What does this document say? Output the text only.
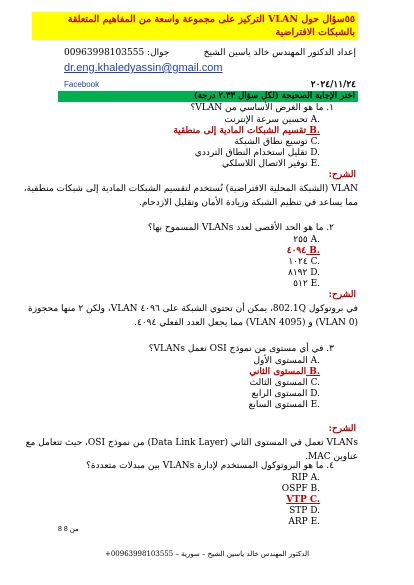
٥٥سؤال حول VLAN التركيز على مجموعة واسعة من المفاهيم المتعلقة بالشبكات الافتراضية
إعداد الدكتور المهندس خالد ياسين الشيخ
جوال: 00963998103555
dr.eng.khaledyassin@gmail.com
٢٠٢٤/١١/٢٤
Facebook
اختر الإجابة الصحيحة (لكل سؤال ٢.٣٣ درجة)
١. ما هو الغرض الأساسي من VLAN؟
تحسين سرعة الإنترنت A.
تقسيم الشبكات المادية إلى منطقية B.
توسيع نطاق الشبكة C.
تقليل استخدام النطاق الترددي D.
توفير الاتصال اللاسلكي E.
الشرح:
VLAN (الشبكة المحلية الافتراضية) تُستخدم لتقسيم الشبكات المادية إلى شبكات منطقية، مما يساعد في تنظيم الشبكة وزيادة الأمان وتقليل الازدحام.
٢. ما هو الحد الأقصى لعدد VLANs المسموح بها؟
٢٥٥ A.
٤٠٩٤ B.
١٠٢٤ C.
٨١٩٢ D.
٥١٢ E.
الشرح:
في بروتوكول 802.1Q، يمكن أن تحتوي الشبكة على ٤٠٩٦ VLAN، ولكن ٢ منها محجوزة (VLAN 0) و (VLAN 4095) مما يجعل العدد الفعلي ٤٠٩٤.
٣. في أي مستوى من نموذج OSI تعمل VLANs؟
المستوى الأول A.
المستوى الثاني B.
المستوى الثالث C.
المستوى الرابع D.
المستوى السابع E.
الشرح:
VLANs تعمل في المستوى الثاني (Data Link Layer) من نموذج OSI، حيث تتعامل مع عناوين MAC.
٤. ما هو البروتوكول المستخدم لإدارة VLANs بين مبدلات متعددة؟
RIP A.
OSPF B.
VTP C.
STP D.
ARP E.
8 من 8
الدكتور المهندس خالد ياسين الشيخ – سورية – 00963998103555+
